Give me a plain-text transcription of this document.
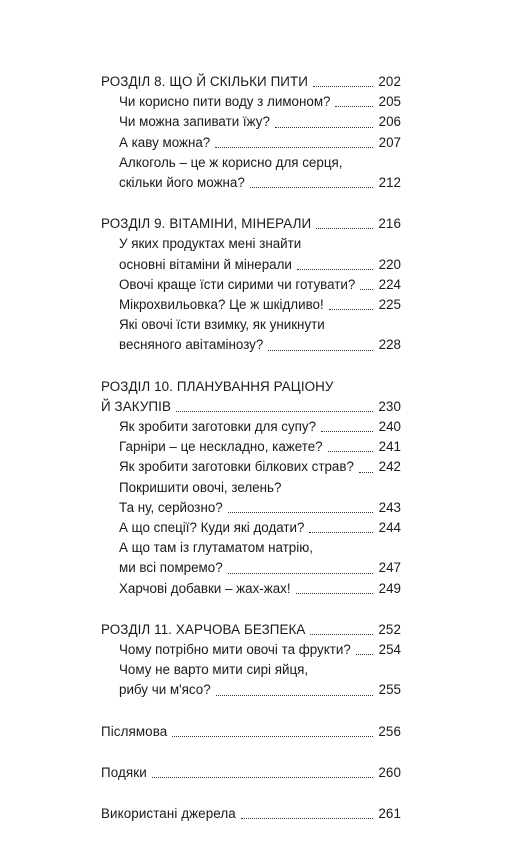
РОЗДІЛ 8. ЩО Й СКІЛЬКИ ПИТИ	202
Чи корисно пити воду з лимоном?	205
Чи можна запивати їжу?	206
А каву можна?	207
Алкоголь – це ж корисно для серця,
скільки його можна?	212
РОЗДІЛ 9. ВІТАМІНИ, МІНЕРАЛИ	216
У яких продуктах мені знайти
основні вітаміни й мінерали	220
Овочі краще їсти сирими чи готувати? 224
Мікрохвильовка? Це ж шкідливо!	225
Які овочі їсти взимку, як уникнути
весняного авітамінозу?	228
РОЗДІЛ 10. ПЛАНУВАННЯ РАЦІОНУ
Й ЗАКУПІВ	230
Як зробити заготовки для супу?	240
Гарніри – це нескладно, кажете?	241
Як зробити заготовки білкових страв? 242
Покришити овочі, зелень?
Та ну, серйозно?	243
А що спеції? Куди які додати?	244
А що там із глутаматом натрію,
ми всі помремо?	247
Харчові добавки – жах-жах!	249
РОЗДІЛ 11. ХАРЧОВА БЕЗПЕКА	252
Чому потрібно мити овочі та фрукти? 254
Чому не варто мити сирі яйця,
рибу чи м'ясо?	255
Післямова	256
Подяки	260
Використані джерела	261
